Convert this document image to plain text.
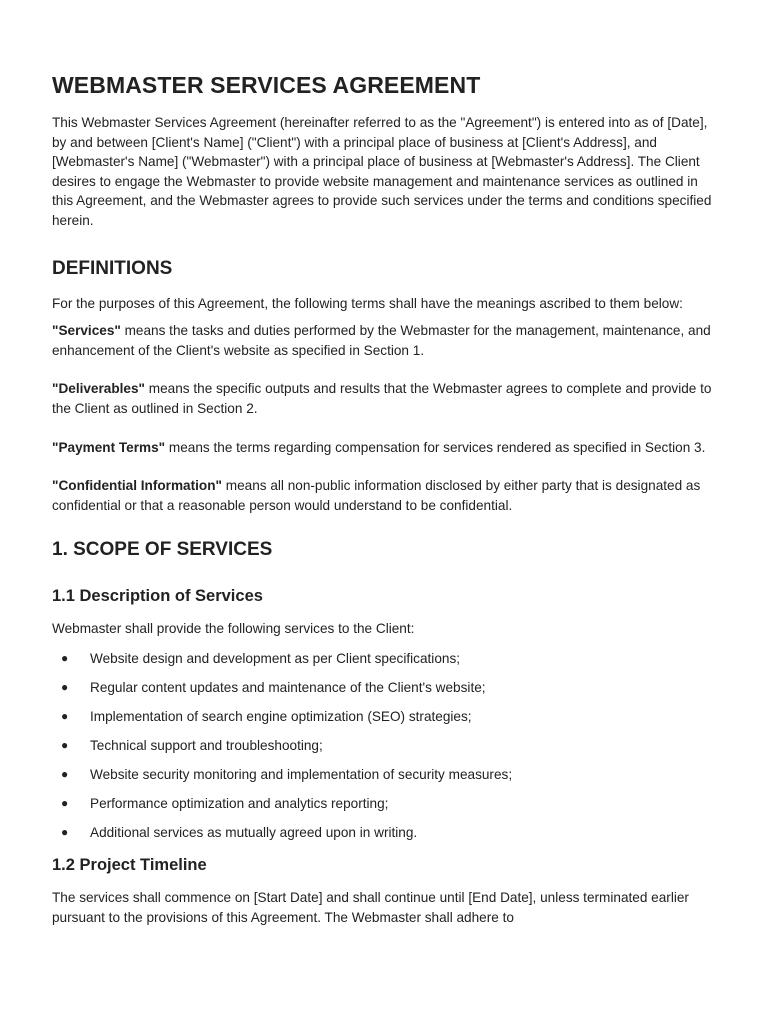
WEBMASTER SERVICES AGREEMENT

This Webmaster Services Agreement (hereinafter referred to as the "Agreement") is entered into as of [Date], by and between [Client's Name] ("Client") with a principal place of business at [Client's Address], and [Webmaster's Name] ("Webmaster") with a principal place of business at [Webmaster's Address]. The Client desires to engage the Webmaster to provide website management and maintenance services as outlined in this Agreement, and the Webmaster agrees to provide such services under the terms and conditions specified herein.

DEFINITIONS

For the purposes of this Agreement, the following terms shall have the meanings ascribed to them below:

"Services" means the tasks and duties performed by the Webmaster for the management, maintenance, and enhancement of the Client's website as specified in Section 1.

"Deliverables" means the specific outputs and results that the Webmaster agrees to complete and provide to the Client as outlined in Section 2.

"Payment Terms" means the terms regarding compensation for services rendered as specified in Section 3.

"Confidential Information" means all non-public information disclosed by either party that is designated as confidential or that a reasonable person would understand to be confidential.

1. SCOPE OF SERVICES
1.1 Description of Services

Webmaster shall provide the following services to the Client:

● Website design and development as per Client specifications;
● Regular content updates and maintenance of the Client's website;
● Implementation of search engine optimization (SEO) strategies;
● Technical support and troubleshooting;
● Website security monitoring and implementation of security measures;
● Performance optimization and analytics reporting;
● Additional services as mutually agreed upon in writing.
1.2 Project Timeline

The services shall commence on [Start Date] and shall continue until [End Date], unless terminated earlier pursuant to the provisions of this Agreement. The Webmaster shall adhere to
